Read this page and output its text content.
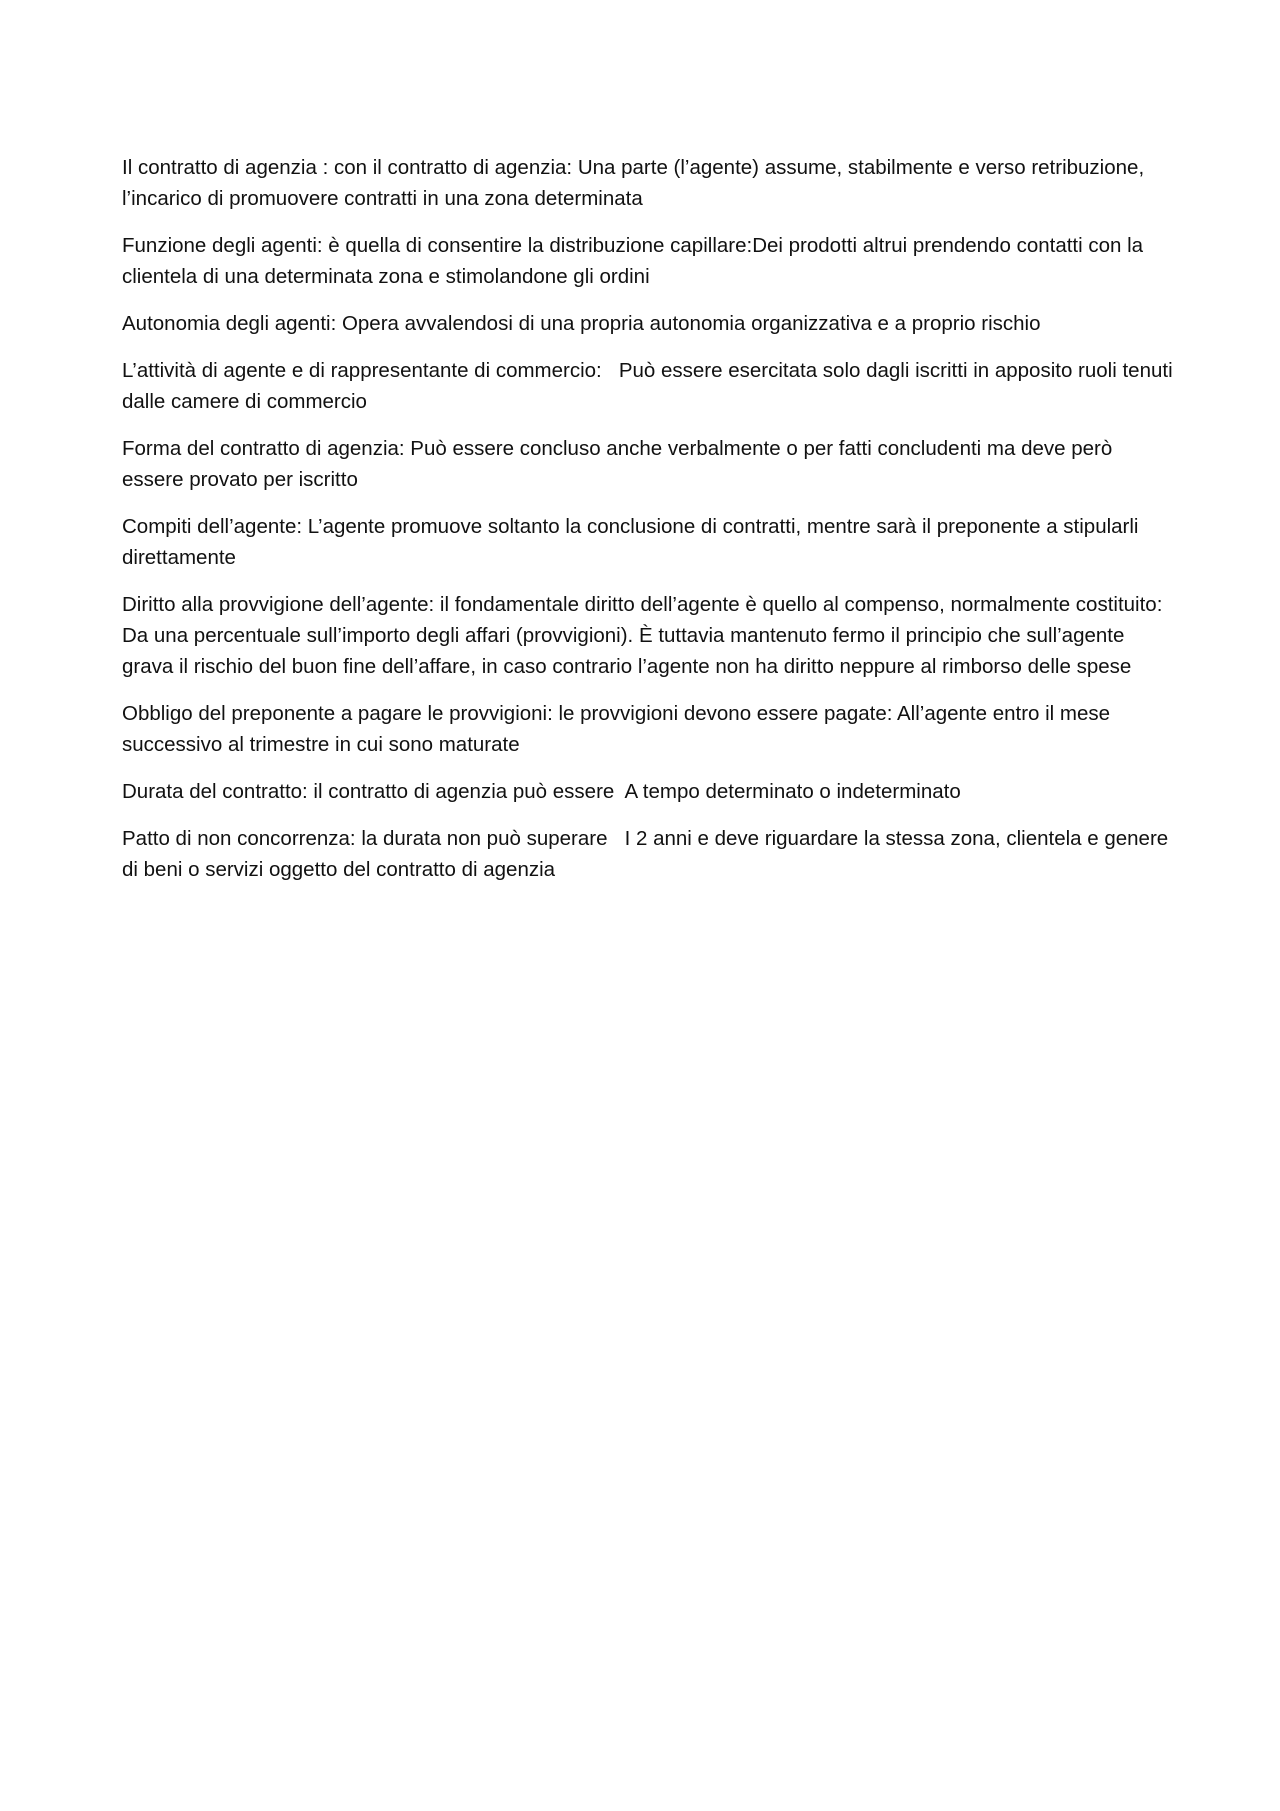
Il contratto di agenzia : con il contratto di agenzia: Una parte (l’agente) assume, stabilmente e verso retribuzione, l’incarico di promuovere contratti in una zona determinata

Funzione degli agenti: è quella di consentire la distribuzione capillare:Dei prodotti altrui prendendo contatti con la clientela di una determinata zona e stimolandone gli ordini

Autonomia degli agenti: Opera avvalendosi di una propria autonomia organizzativa e a proprio rischio

L’attività di agente e di rappresentante di commercio:   Può essere esercitata solo dagli iscritti in apposito ruoli tenuti dalle camere di commercio

Forma del contratto di agenzia: Può essere concluso anche verbalmente o per fatti concludenti ma deve però essere provato per iscritto

Compiti dell’agente: L’agente promuove soltanto la conclusione di contratti, mentre sarà il preponente a stipularli direttamente

Diritto alla provvigione dell’agente: il fondamentale diritto dell’agente è quello al compenso, normalmente costituito: Da una percentuale sull’importo degli affari (provvigioni). È tuttavia mantenuto fermo il principio che sull’agente grava il rischio del buon fine dell’affare, in caso contrario l’agente non ha diritto neppure al rimborso delle spese

Obbligo del preponente a pagare le provvigioni: le provvigioni devono essere pagate: All’agente entro il mese successivo al trimestre in cui sono maturate

Durata del contratto: il contratto di agenzia può essere  A tempo determinato o indeterminato

Patto di non concorrenza: la durata non può superare   I 2 anni e deve riguardare la stessa zona, clientela e genere di beni o servizi oggetto del contratto di agenzia
